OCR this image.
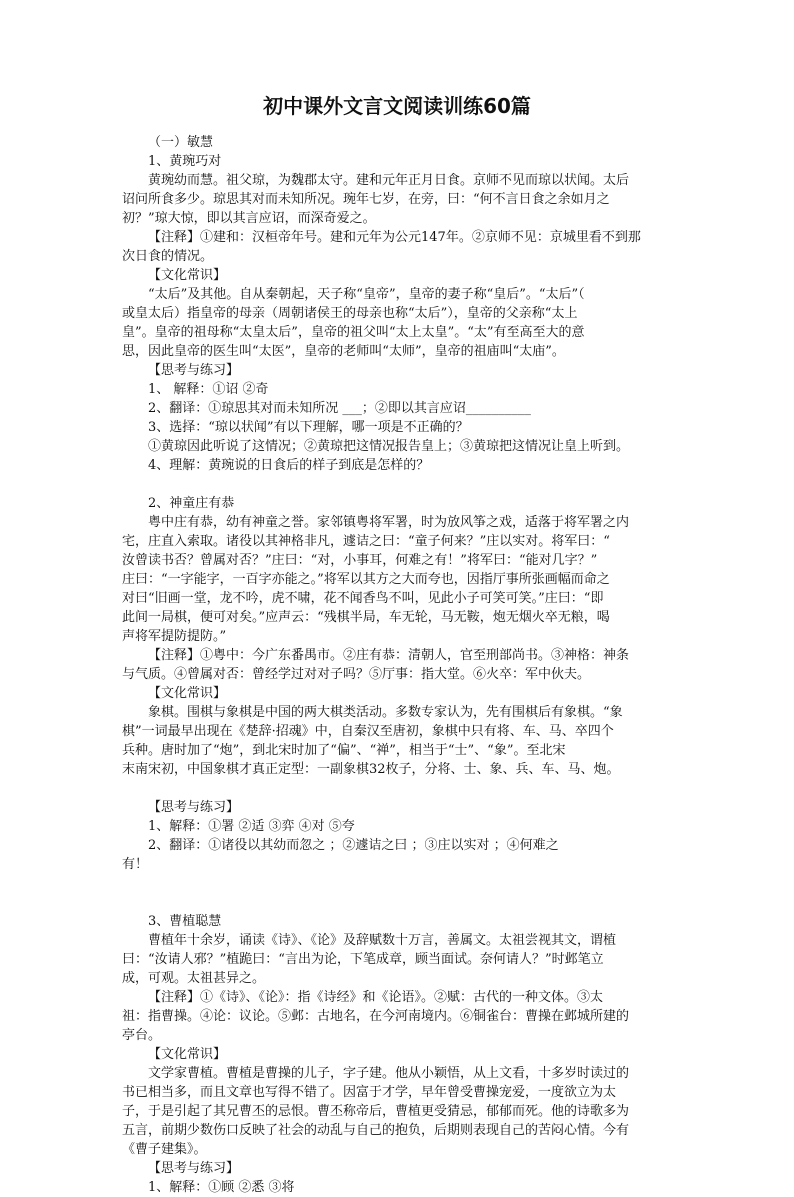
初中课外文言文阅读训练60篇

（一）敏慧

1、黄琬巧对

黄琬幼而慧。祖父琼，为魏郡太守。建和元年正月日食。京师不见而琼以状闻。太后

诏问所食多少。琼思其对而未知所况。琬年七岁，在旁，曰：“何不言日食之余如月之

初？”琼大惊，即以其言应诏，而深奇爱之。

【注释】①建和：汉桓帝年号。建和元年为公元147年。②京师不见：京城里看不到那

次日食的情况。

【文化常识】

“太后”及其他。自从秦朝起，天子称“皇帝”，皇帝的妻子称“皇后”。“太后”（

或皇太后）指皇帝的母亲（周朝诸侯王的母亲也称“太后”），皇帝的父亲称“太上

皇”。皇帝的祖母称“太皇太后”，皇帝的祖父叫“太上太皇”。“太”有至高至大的意

思，因此皇帝的医生叫“太医”，皇帝的老师叫“太师”，皇帝的祖庙叫“太庙”。

【思考与练习】

1、 解释：①诏 ②奇

2、翻译：①琼思其对而未知所况 ___；②即以其言应诏__________

3、选择：“琼以状闻”有以下理解，哪一项是不正确的？

①黄琼因此听说了这情况；②黄琼把这情况报告皇上；③黄琼把这情况让皇上听到。

4、理解：黄琬说的日食后的样子到底是怎样的？

2、神童庄有恭

粤中庄有恭，幼有神童之誉。家邻镇粤将军署，时为放风筝之戏，适落于将军署之内

宅，庄直入索取。诸役以其神格非凡，遽诘之曰：“童子何来？”庄以实对。将军曰：“

汝曾读书否？曾属对否？”庄曰：“对，小事耳，何难之有！”将军曰：“能对几字？”

庄曰：“一字能字，一百字亦能之。”将军以其方之大而夸也，因指厅事所张画幅而命之

对曰“旧画一堂，龙不吟，虎不啸，花不闻香鸟不叫，见此小子可笑可笑。”庄曰：“即

此间一局棋，便可对矣。”应声云：“残棋半局，车无轮，马无鞍，炮无烟火卒无粮，喝

声将军提防提防。”

【注释】①粤中：今广东番禺市。②庄有恭：清朝人，官至刑部尚书。③神格：神条

与气质。④曾属对否：曾经学过对对子吗？⑤厅事：指大堂。⑥火卒：军中伙夫。

【文化常识】

象棋。围棋与象棋是中国的两大棋类活动。多数专家认为，先有围棋后有象棋。“象

棋”一词最早出现在《楚辞·招魂》中，自秦汉至唐初，象棋中只有将、车、马、卒四个

兵种。唐时加了“炮”，到北宋时加了“偏”、“禅”，相当于“士”、“象”。至北宋

末南宋初，中国象棋才真正定型：一副象棋32枚子，分将、士、象、兵、车、马、炮。

【思考与练习】

1、解释：①署 ②适 ③弈 ④对 ⑤夸

2、翻译：①诸役以其幼而忽之 ；②遽诘之曰 ；③庄以实对 ；④何难之

有！

3、曹植聪慧

曹植年十余岁，诵读《诗》、《论》及辞赋数十万言，善属文。太祖尝视其文，谓植

曰：“汝请人邪？”植跪曰：“言出为论，下笔成章，顾当面试。奈何请人？”时邺笔立

成，可观。太祖甚异之。

【注释】①《诗》、《论》：指《诗经》和《论语》。②赋：古代的一种文体。③太

祖：指曹操。④论：议论。⑤邺：古地名，在今河南境内。⑥铜雀台：曹操在邺城所建的

亭台。

【文化常识】

文学家曹植。曹植是曹操的儿子，字子建。他从小颖悟，从上文看，十多岁时读过的

书已相当多，而且文章也写得不错了。因富于才学，早年曾受曹操宠爱，一度欲立为太

子，于是引起了其兄曹丕的忌恨。曹丕称帝后，曹植更受猜忌，郁郁而死。他的诗歌多为

五言，前期少数伤口反映了社会的动乱与自己的抱负，后期则表现自己的苦闷心情。今有

《曹子建集》。

【思考与练习】

1、解释：①顾 ②悉 ③将
